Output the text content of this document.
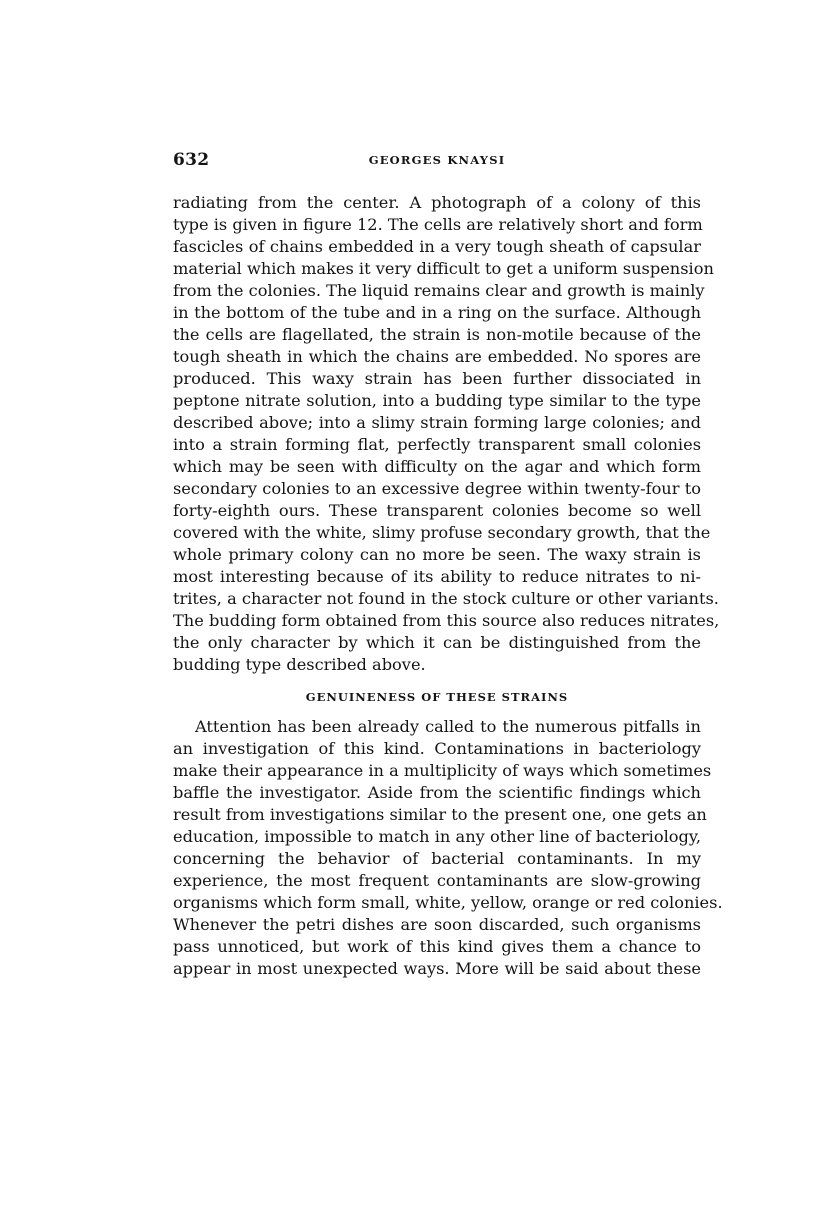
632	GEORGES KNAYSI
radiating from the center. A photograph of a colony of this
type is given in figure 12. The cells are relatively short and form
fascicles of chains embedded in a very tough sheath of capsular
material which makes it very difficult to get a uniform suspension
from the colonies. The liquid remains clear and growth is mainly
in the bottom of the tube and in a ring on the surface. Although
the cells are flagellated, the strain is non-motile because of the
tough sheath in which the chains are embedded. No spores are
produced. This waxy strain has been further dissociated in
peptone nitrate solution, into a budding type similar to the type
described above; into a slimy strain forming large colonies; and
into a strain forming flat, perfectly transparent small colonies
which may be seen with difficulty on the agar and which form
secondary colonies to an excessive degree within twenty-four to
forty-eighth ours. These transparent colonies become so well
covered with the white, slimy profuse secondary growth, that the
whole primary colony can no more be seen. The waxy strain is
most interesting because of its ability to reduce nitrates to ni-
trites, a character not found in the stock culture or other variants.
The budding form obtained from this source also reduces nitrates,
the only character by which it can be distinguished from the
budding type described above.
GENUINENESS OF THESE STRAINS
Attention has been already called to the numerous pitfalls in
an investigation of this kind. Contaminations in bacteriology
make their appearance in a multiplicity of ways which sometimes
baffle the investigator. Aside from the scientific findings which
result from investigations similar to the present one, one gets an
education, impossible to match in any other line of bacteriology,
concerning the behavior of bacterial contaminants. In my
experience, the most frequent contaminants are slow-growing
organisms which form small, white, yellow, orange or red colonies.
Whenever the petri dishes are soon discarded, such organisms
pass unnoticed, but work of this kind gives them a chance to
appear in most unexpected ways. More will be said about these
